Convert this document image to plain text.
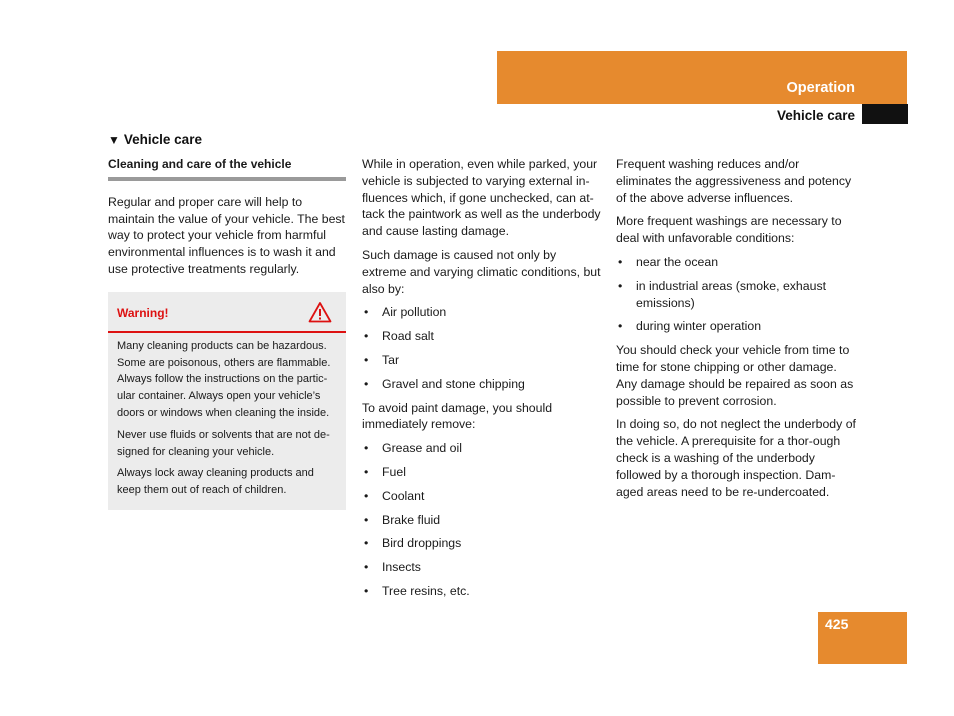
Operation
Vehicle care
▼ Vehicle care
Cleaning and care of the vehicle

Regular and proper care will help to maintain the value of your vehicle. The best way to protect your vehicle from harmful environmental influences is to wash it and use protective treatments regularly.

Warning!

Many cleaning products can be hazardous. Some are poisonous, others are flammable. Always follow the instructions on the partic-ular container. Always open your vehicle’s doors or windows when cleaning the inside.

Never use fluids or solvents that are not de-signed for cleaning your vehicle.

Always lock away cleaning products and keep them out of reach of children.

While in operation, even while parked, your vehicle is subjected to varying external in-fluences which, if gone unchecked, can at-tack the paintwork as well as the underbody and cause lasting damage.

Such damage is caused not only by extreme and varying climatic conditions, but also by:

• Air pollution
• Road salt
• Tar
• Gravel and stone chipping

To avoid paint damage, you should immediately remove:

• Grease and oil
• Fuel
• Coolant
• Brake fluid
• Bird droppings
• Insects
• Tree resins, etc.

Frequent washing reduces and/or eliminates the aggressiveness and potency of the above adverse influences.

More frequent washings are necessary to deal with unfavorable conditions:

• near the ocean
• in industrial areas (smoke, exhaust emissions)
• during winter operation

You should check your vehicle from time to time for stone chipping or other damage. Any damage should be repaired as soon as possible to prevent corrosion.

In doing so, do not neglect the underbody of the vehicle. A prerequisite for a thor-ough check is a washing of the underbody followed by a thorough inspection. Dam-aged areas need to be re-undercoated.

425
